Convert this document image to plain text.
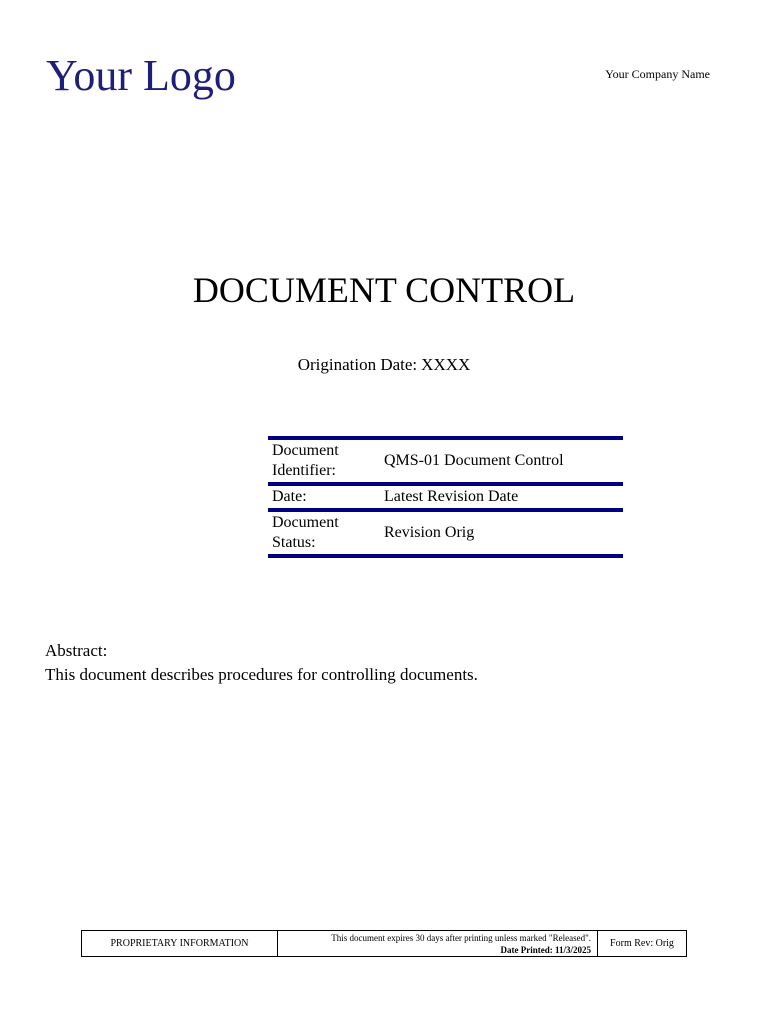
Your Logo	Your Company Name
DOCUMENT CONTROL
Origination Date: XXXX
Document Identifier:
QMS-01 Document Control
Date:	Latest Revision Date
Document Status:
Revision Orig
Abstract:
This document describes procedures for controlling documents.
PROPRIETARY INFORMATION
This document expires 30 days after printing unless marked "Released".
Date Printed: 11/3/2025
Form Rev: Orig
